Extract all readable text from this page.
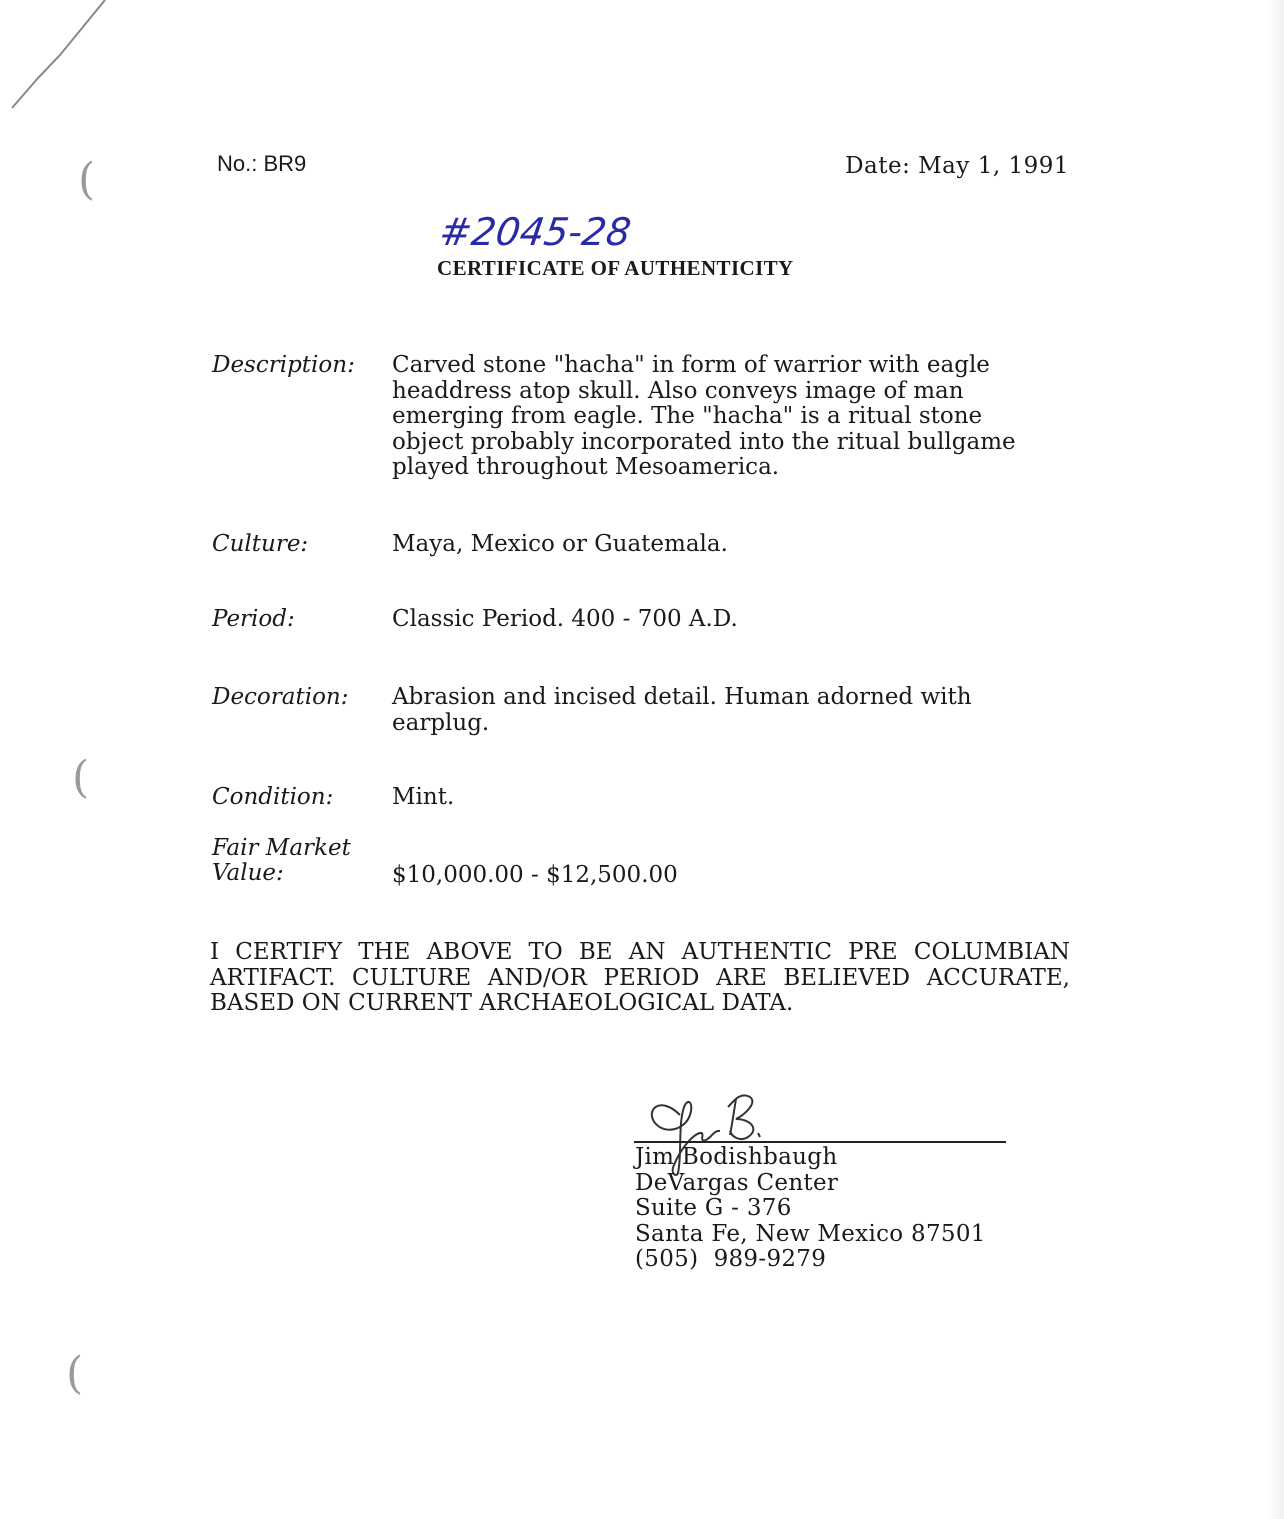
(
(
(
No.: BR9	Date: May 1, 1991
#2045-28
CERTIFICATE OF AUTHENTICITY
Description:	Carved stone "hacha" in form of warrior with eagle
headdress atop skull. Also conveys image of man
emerging from eagle. The "hacha" is a ritual stone
object probably incorporated into the ritual bullgame
played throughout Mesoamerica.
Culture:	Maya, Mexico or Guatemala.
Period:	Classic Period. 400 - 700 A.D.
Decoration:	Abrasion and incised detail. Human adorned with
earplug.
Condition:	Mint.
Fair Market
Value:	$10,000.00 - $12,500.00
I CERTIFY THE ABOVE TO BE AN AUTHENTIC PRE COLUMBIAN
ARTIFACT. CULTURE AND/OR PERIOD ARE BELIEVED ACCURATE,
BASED ON CURRENT ARCHAEOLOGICAL DATA.
Jim Bodishbaugh
DeVargas Center
Suite G - 376
Santa Fe, New Mexico 87501
(505)  989-9279
